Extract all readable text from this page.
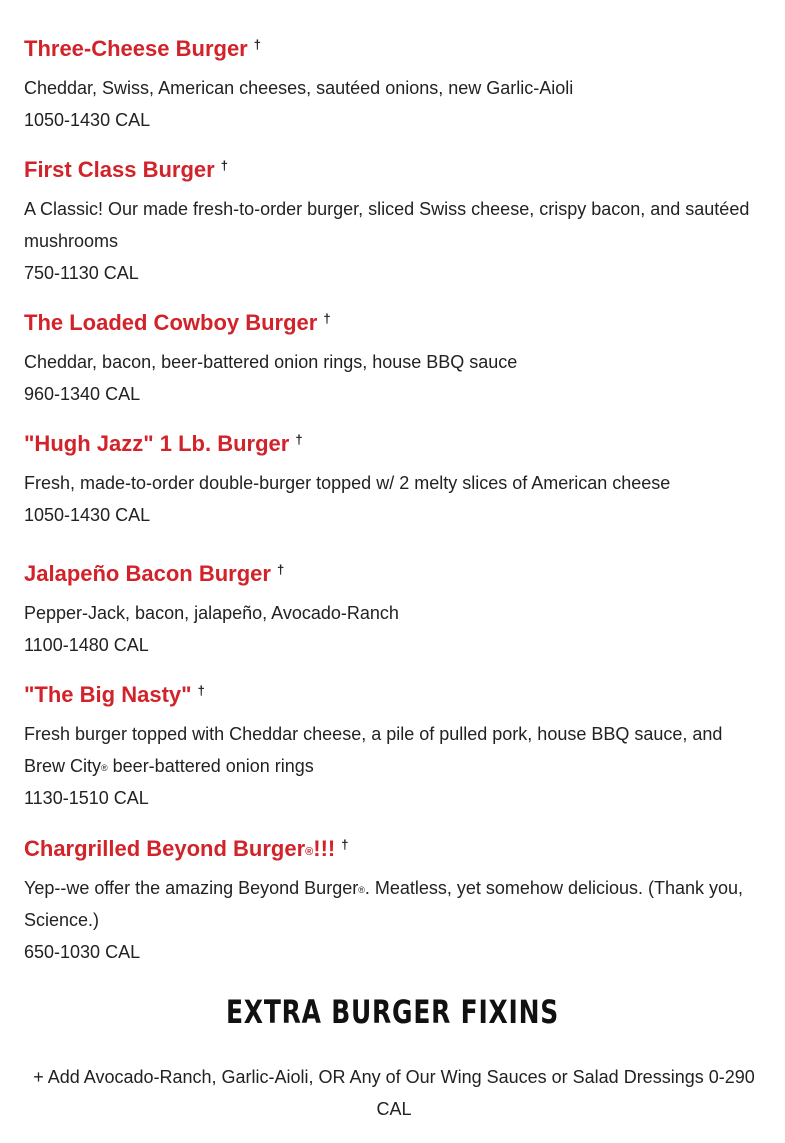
Three-Cheese Burger †

Cheddar, Swiss, American cheeses, sautéed onions, new Garlic-Aioli

1050-1430 CAL

First Class Burger †

A Classic! Our made fresh-to-order burger, sliced Swiss cheese, crispy bacon, and sautéed mushrooms

750-1130 CAL

The Loaded Cowboy Burger †

Cheddar, bacon, beer-battered onion rings, house BBQ sauce

960-1340 CAL

"Hugh Jazz" 1 Lb. Burger †

Fresh, made-to-order double-burger topped w/ 2 melty slices of American cheese

1050-1430 CAL

Jalapeño Bacon Burger †

Pepper-Jack, bacon, jalapeño, Avocado-Ranch

1100-1480 CAL

"The Big Nasty" †

Fresh burger topped with Cheddar cheese, a pile of pulled pork, house BBQ sauce, and Brew City® beer-battered onion rings

1130-1510 CAL

Chargrilled Beyond Burger®!!! †

Yep--we offer the amazing Beyond Burger®. Meatless, yet somehow delicious. (Thank you, Science.)

650-1030 CAL

EXTRA BURGER FIXINS
+ Add Avocado-Ranch, Garlic-Aioli, OR Any of Our Wing Sauces or Salad Dressings 0-290 CAL
